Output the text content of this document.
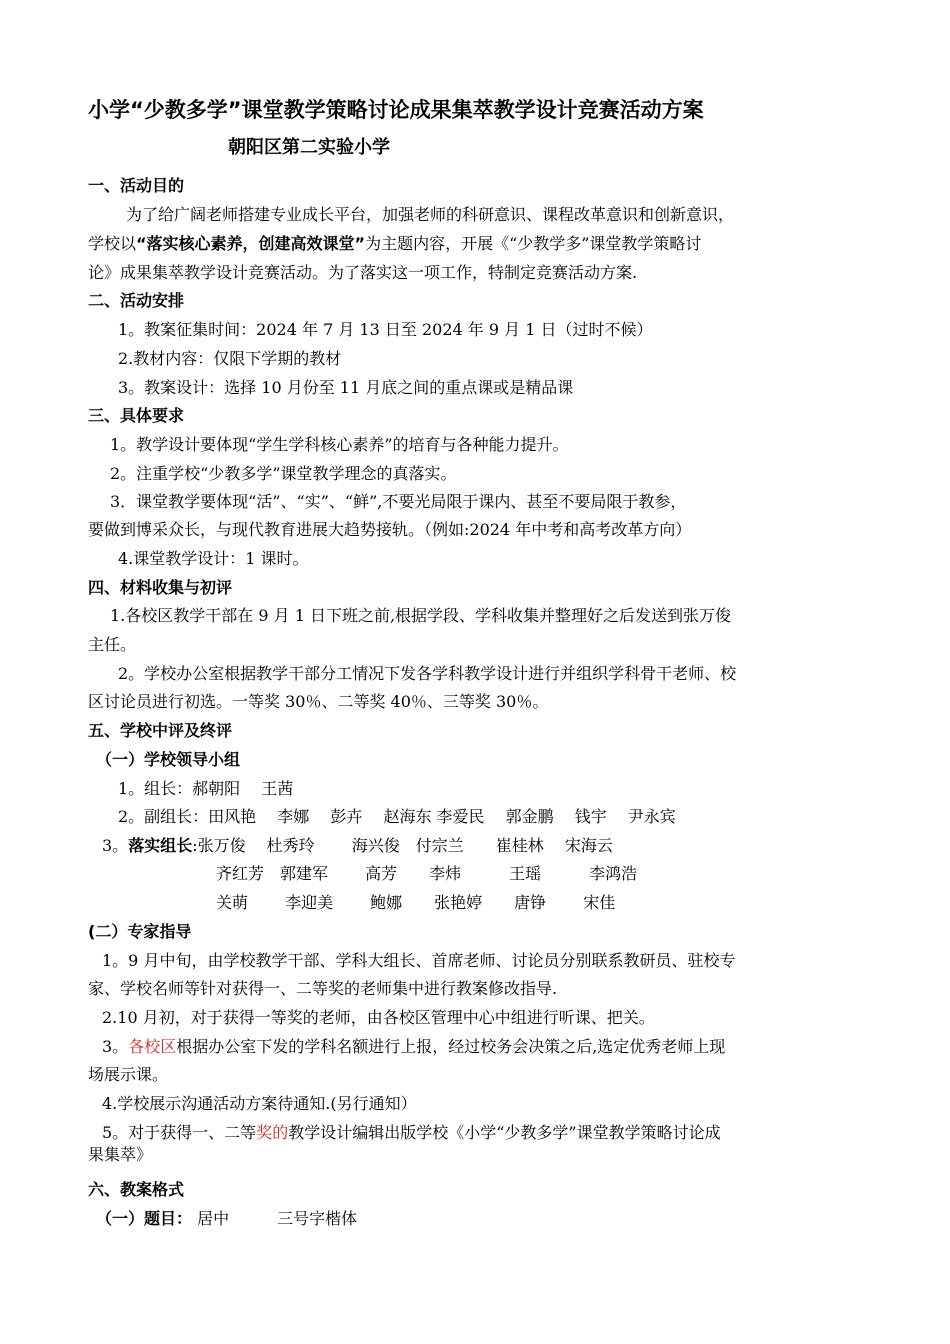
小学“少教多学”课堂教学策略讨论成果集萃教学设计竞赛活动方案
朝阳区第二实验小学
一、活动目的
为了给广阔老师搭建专业成长平台，加强老师的科研意识、课程改革意识和创新意识，
学校以“落实核心素养，创建高效课堂”为主题内容，开展《“少教学多”课堂教学策略讨
论》成果集萃教学设计竞赛活动。为了落实这一项工作，特制定竞赛活动方案.
二、活动安排
1。教案征集时间：2024 年 7 月 13 日至 2024 年 9 月 1 日（过时不候）
2.教材内容：仅限下学期的教材
3。教案设计：选择 10 月份至 11 月底之间的重点课或是精品课
三、具体要求
1。教学设计要体现“学生学科核心素养”的培育与各种能力提升。
2。注重学校“少教多学”课堂教学理念的真落实。
3．课堂教学要体现“活”、“实”、“鲜”,不要光局限于课内、甚至不要局限于教参，
要做到博采众长，与现代教育进展大趋势接轨。（例如:2024 年中考和高考改革方向）
4.课堂教学设计：1 课时。
四、材料收集与初评
1.各校区教学干部在 9 月 1 日下班之前,根据学段、学科收集并整理好之后发送到张万俊
主任。
2。学校办公室根据教学干部分工情况下发各学科教学设计进行并组织学科骨干老师、校
区讨论员进行初选。一等奖 30％、二等奖 40％、三等奖 30％。
五、学校中评及终评
（一）学校领导小组
1。组长：郝朝阳　 王茜
2。副组长：田风艳　 李娜　 彭卉　 赵海东 李爱民　 郭金鹏　 钱宇　 尹永宾
3。落实组长:张万俊　 杜秀玲　　 海兴俊　付宗兰　　崔桂林　 宋海云
齐红芳　郭建军　　 高芳　　李炜　　　王瑶　　　李鸿浩
关萌　　 李迎美　　 鲍娜　　张艳婷　　唐铮　　 宋佳
(二）专家指导
1。9 月中旬，由学校教学干部、学科大组长、首席老师、讨论员分别联系教研员、驻校专
家、学校名师等针对获得一、二等奖的老师集中进行教案修改指导.
2.10 月初，对于获得一等奖的老师，由各校区管理中心中组进行听课、把关。
3。各校区根据办公室下发的学科名额进行上报，经过校务会决策之后,选定优秀老师上现
场展示课。
4.学校展示沟通活动方案待通知.(另行通知）
5。对于获得一、二等奖的教学设计编辑出版学校《小学“少教多学”课堂教学策略讨论成
果集萃》
六、教案格式
（一）题目： 居中　　　三号字楷体
